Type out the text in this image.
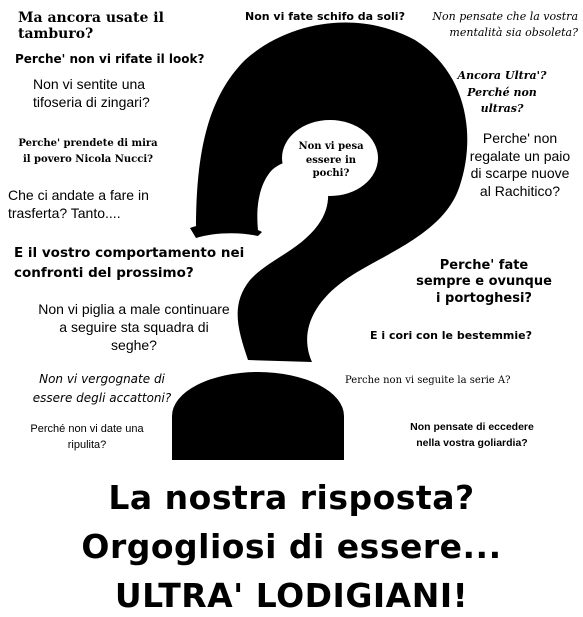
Ma ancora usate il tamburo?
Non vi fate schifo da soli?	Non pensate che la vostra mentalità sia obsoleta?
Perche' non vi rifate il look?
Non vi sentite una tifoseria di zingari?
Ancora Ultra'? Perché non ultras?
Perche' prendete di mira il povero Nicola Nucci?
Non vi pesa essere in pochi?
Perche' non regalate un paio di scarpe nuove al Rachitico?
Che ci andate a fare in trasferta? Tanto....
E il vostro comportamento nei confronti del prossimo?	Perche' fate sempre e ovunque i portoghesi?
Non vi piglia a male continuare a seguire sta squadra di seghe?
E i cori con le bestemmie?
Non vi vergognate di essere degli accattoni?
Perche non vi seguite la serie A?
Perché non vi date una ripulita?
Non pensate di eccedere nella vostra goliardia?
La nostra risposta?
Orgogliosi di essere...
ULTRA' LODIGIANI!
